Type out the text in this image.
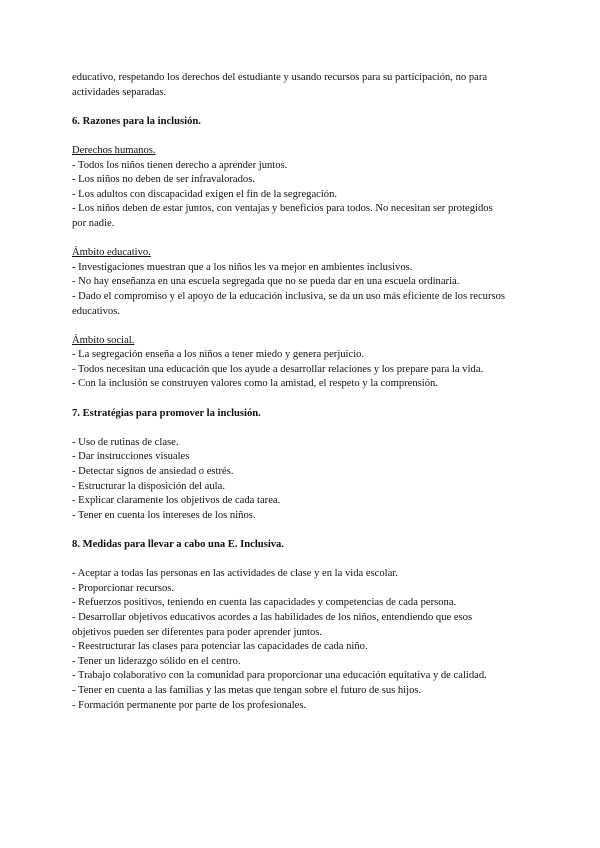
educativo, respetando los derechos del estudiante y usando recursos para su participación, no para

actividades separadas.

6. Razones para la inclusión.

Derechos humanos.

- Todos los niños tienen derecho a aprender juntos.

- Los niños no deben de ser infravalorados.

- Los adultos con discapacidad exigen el fin de la segregación.

- Los niños deben de estar juntos, con ventajas y beneficios para todos. No necesitan ser protegidos

por nadie.

Ámbito educativo.

- Investigaciones muestran que a los niños les va mejor en ambientes inclusivos.

- No hay enseñanza en una escuela segregada que no se pueda dar en una escuela ordinaria.

- Dado el compromiso y el apoyo de la educación inclusiva, se da un uso más eficiente de los recursos

educativos.

Ámbito social.

- La segregación enseña a los niños a tener miedo y genera perjuicio.

- Todos necesitan una educación que los ayude a desarrollar relaciones y los prepare para la vida.

- Con la inclusión se construyen valores como la amistad, el respeto y la comprensión.

7. Estratégias para promover la inclusión.

- Uso de rutinas de clase.

- Dar instrucciones visuales

- Detectar signos de ansiedad o estrés.

- Estructurar la disposición del aula.

- Explicar claramente los objetivos de cada tarea.

- Tener en cuenta los intereses de los niños.

8. Medidas para llevar a cabo una E. Inclusiva.

- Aceptar a todas las personas en las actividades de clase y en la vida escolar.

- Proporcionar recursos.

- Refuerzos positivos, teniendo en cuenta las capacidades y competencias de cada persona.

- Desarrollar objetivos educativos acordes a las habilidades de los niños, entendiendo que esos

objetivos pueden ser diferentes para poder aprender juntos.

- Reestructurar las clases para potenciar las capacidades de cada niño.

- Tener un liderazgo sólido en el centro.

- Trabajo colaborativo con la comunidad para proporcionar una educación equitativa y de calidad.

- Tener en cuenta a las familias y las metas que tengan sobre el futuro de sus hijos.

- Formación permanente por parte de los profesionales.
